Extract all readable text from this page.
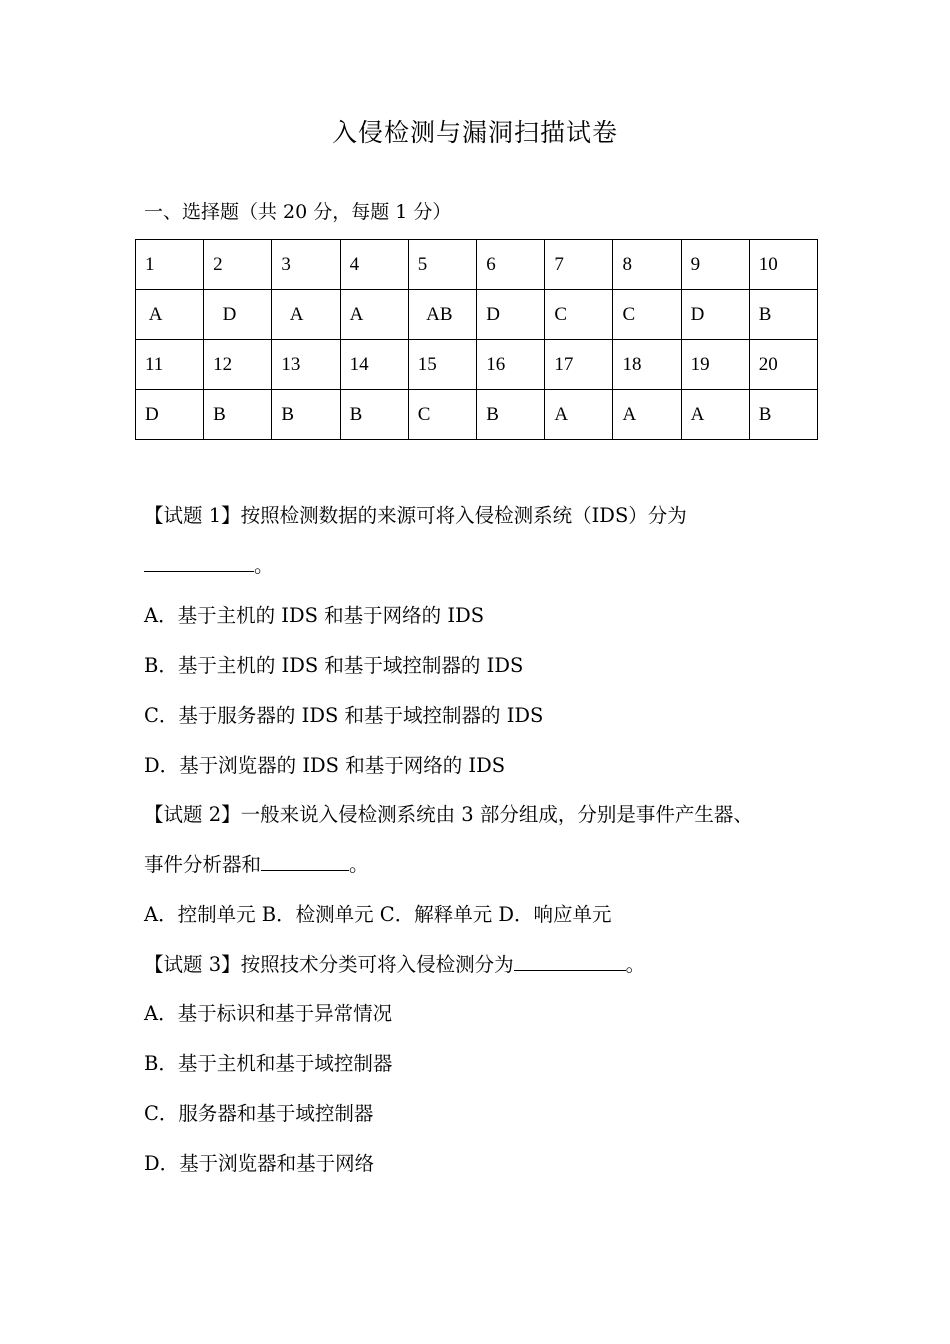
入侵检测与漏洞扫描试卷
一、选择题（共 20 分，每题 1 分）
1	2	3	4	5	6	7	8	9	10
A	D	A	A	AB	D	C	C	D	B
11	12	13	14	15	16	17	18	19	20
D	B	B	B	C	B	A	A	A	B
【试题 1】按照检测数据的来源可将入侵检测系统（IDS）分为
。
A．基于主机的 IDS 和基于网络的 IDS
B．基于主机的 IDS 和基于域控制器的 IDS
C．基于服务器的 IDS 和基于域控制器的 IDS
D．基于浏览器的 IDS 和基于网络的 IDS
【试题 2】一般来说入侵检测系统由 3 部分组成，分别是事件产生器、
事件分析器和	。
A．控制单元 B．检测单元 C．解释单元 D．响应单元
【试题 3】按照技术分类可将入侵检测分为	。
A．基于标识和基于异常情况
B．基于主机和基于域控制器
C．服务器和基于域控制器
D．基于浏览器和基于网络
